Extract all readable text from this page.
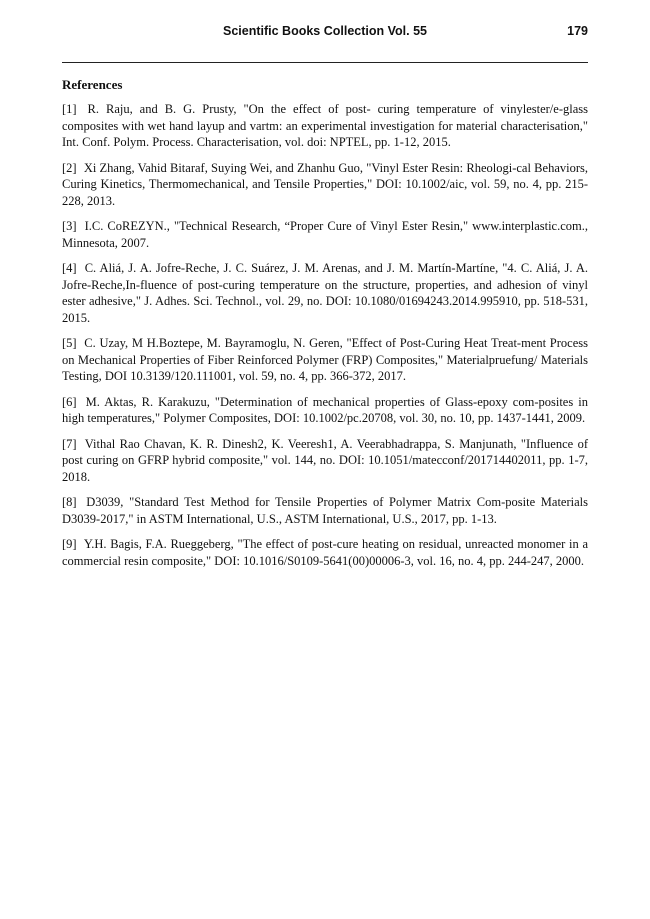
Scientific Books Collection Vol. 55	179
References
[1] R. Raju, and B. G. Prusty, "On the effect of post- curing temperature of vinylester/e-glass composites with wet hand layup and vartm: an experimental investigation for material characterisation," Int. Conf. Polym. Process. Characterisation, vol. doi: NPTEL, pp. 1-12, 2015.
[2] Xi Zhang, Vahid Bitaraf, Suying Wei, and Zhanhu Guo, "Vinyl Ester Resin: Rheologi-cal Behaviors, Curing Kinetics, Thermomechanical, and Tensile Properties," DOI: 10.1002/aic, vol. 59, no. 4, pp. 215-228, 2013.
[3] I.C. CoREZYN., "Technical Research, “Proper Cure of Vinyl Ester Resin," www.interplastic.com., Minnesota, 2007.
[4] C. Aliá, J. A. Jofre-Reche, J. C. Suárez, J. M. Arenas, and J. M. Martín-Martíne, "4. C. Aliá, J. A. Jofre-Reche,In-fluence of post-curing temperature on the structure, properties, and adhesion of vinyl ester adhesive," J. Adhes. Sci. Technol., vol. 29, no. DOI: 10.1080/01694243.2014.995910, pp. 518-531, 2015.
[5] C. Uzay, M H.Boztepe, M. Bayramoglu, N. Geren, "Effect of Post-Curing Heat Treat-ment Process on Mechanical Properties of Fiber Reinforced Polymer (FRP) Composites," Materialpruefung/ Materials Testing, DOI 10.3139/120.111001, vol. 59, no. 4, pp. 366-372, 2017.
[6] M. Aktas, R. Karakuzu, "Determination of mechanical properties of Glass-epoxy com-posites in high temperatures," Polymer Composites, DOI: 10.1002/pc.20708, vol. 30, no. 10, pp. 1437-1441, 2009.
[7] Vithal Rao Chavan, K. R. Dinesh2, K. Veeresh1, A. Veerabhadrappa, S. Manjunath, "Influence of post curing on GFRP hybrid composite," vol. 144, no. DOI: 10.1051/matecconf/201714402011, pp. 1-7, 2018.
[8] D3039, "Standard Test Method for Tensile Properties of Polymer Matrix Com-posite Materials D3039-2017," in ASTM International, U.S., ASTM International, U.S., 2017, pp. 1-13.
[9] Y.H. Bagis, F.A. Rueggeberg, "The effect of post-cure heating on residual, unreacted monomer in a commercial resin composite," DOI: 10.1016/S0109-5641(00)00006-3, vol. 16, no. 4, pp. 244-247, 2000.
